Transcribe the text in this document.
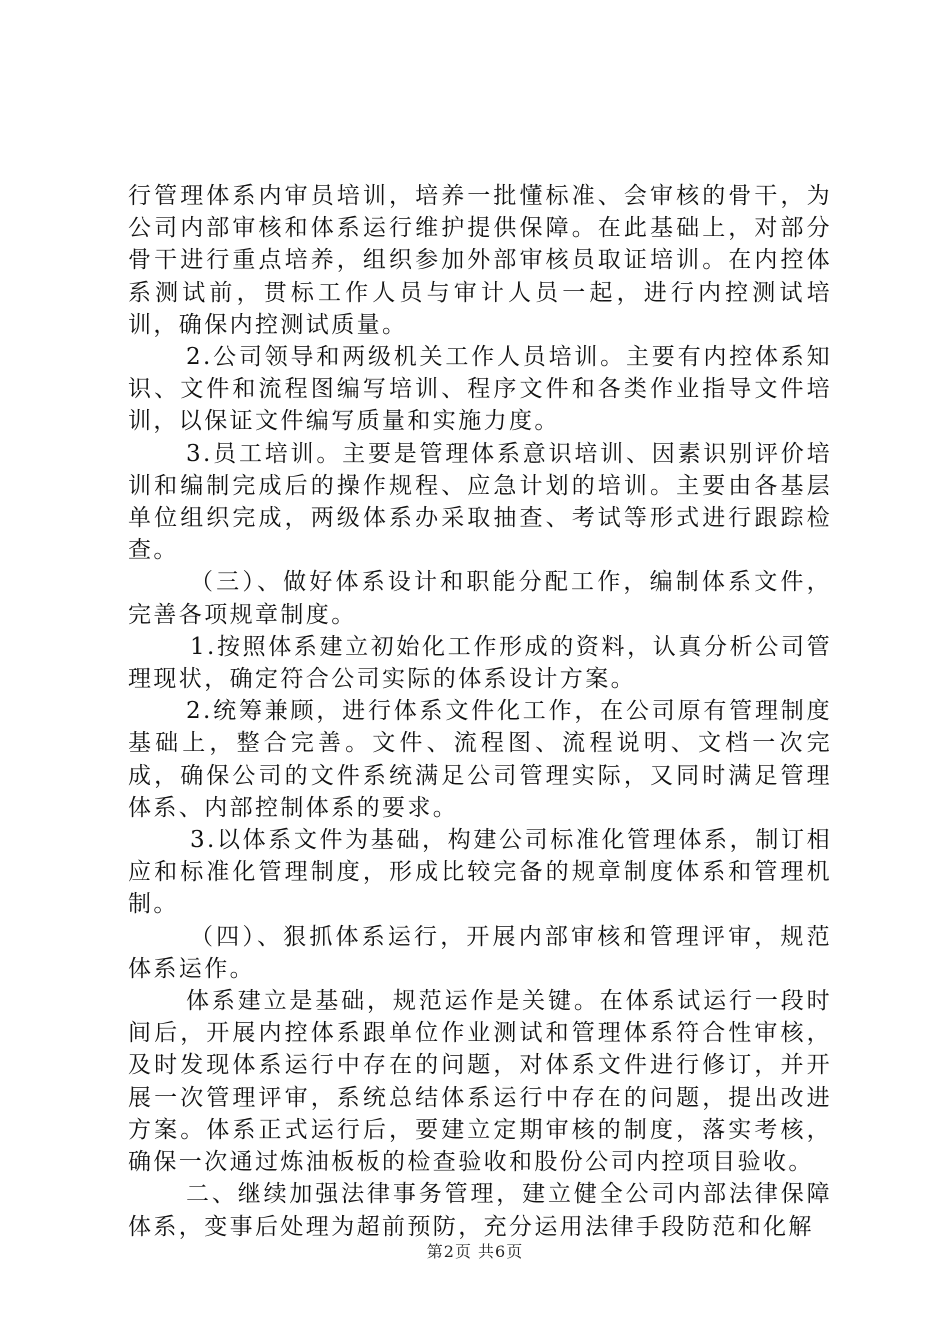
行管理体系内审员培训，培养一批懂标准、会审核的骨干，为公司内部审核和体系运行维护提供保障。在此基础上，对部分骨干进行重点培养，组织参加外部审核员取证培训。在内控体系测试前，贯标工作人员与审计人员一起，进行内控测试培训，确保内控测试质量。

2.公司领导和两级机关工作人员培训。主要有内控体系知识、文件和流程图编写培训、程序文件和各类作业指导文件培训，以保证文件编写质量和实施力度。

3.员工培训。主要是管理体系意识培训、因素识别评价培训和编制完成后的操作规程、应急计划的培训。主要由各基层单位组织完成，两级体系办采取抽查、考试等形式进行跟踪检查。

（三）、做好体系设计和职能分配工作，编制体系文件，完善各项规章制度。

1.按照体系建立初始化工作形成的资料，认真分析公司管理现状，确定符合公司实际的体系设计方案。

2.统筹兼顾，进行体系文件化工作，在公司原有管理制度基础上，整合完善。文件、流程图、流程说明、文档一次完成，确保公司的文件系统满足公司管理实际，又同时满足管理体系、内部控制体系的要求。

3.以体系文件为基础，构建公司标准化管理体系，制订相应和标准化管理制度，形成比较完备的规章制度体系和管理机制。

（四）、狠抓体系运行，开展内部审核和管理评审，规范体系运作。

体系建立是基础，规范运作是关键。在体系试运行一段时间后，开展内控体系跟单位作业测试和管理体系符合性审核，及时发现体系运行中存在的问题，对体系文件进行修订，并开展一次管理评审，系统总结体系运行中存在的问题，提出改进方案。体系正式运行后，要建立定期审核的制度，落实考核，确保一次通过炼油板板的检查验收和股份公司内控项目验收。

二、继续加强法律事务管理，建立健全公司内部法律保障体系，变事后处理为超前预防，充分运用法律手段防范和化解

第2页 共6页
